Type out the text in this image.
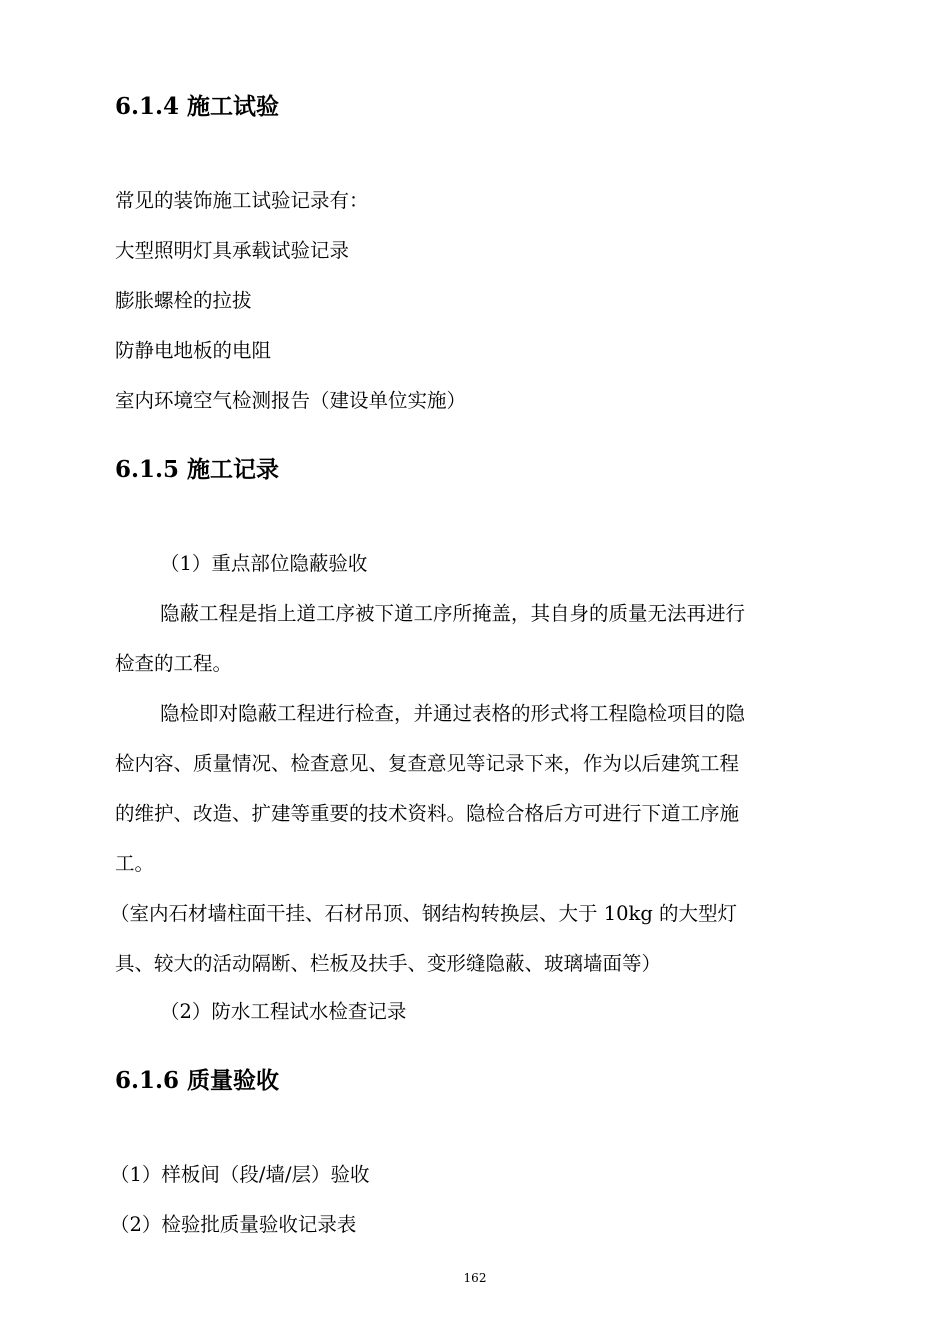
6.1.4 施工试验
常见的装饰施工试验记录有：
大型照明灯具承载试验记录
膨胀螺栓的拉拔
防静电地板的电阻
室内环境空气检测报告（建设单位实施）
6.1.5 施工记录
（1）重点部位隐蔽验收
隐蔽工程是指上道工序被下道工序所掩盖，其自身的质量无法再进行
检查的工程。
隐检即对隐蔽工程进行检查，并通过表格的形式将工程隐检项目的隐
检内容、质量情况、检查意见、复查意见等记录下来，作为以后建筑工程
的维护、改造、扩建等重要的技术资料。隐检合格后方可进行下道工序施
工。
（室内石材墙柱面干挂、石材吊顶、钢结构转换层、大于 10kg 的大型灯
具、较大的活动隔断、栏板及扶手、变形缝隐蔽、玻璃墙面等）
（2）防水工程试水检查记录
6.1.6 质量验收
（1）样板间（段/墙/层）验收
（2）检验批质量验收记录表
162
